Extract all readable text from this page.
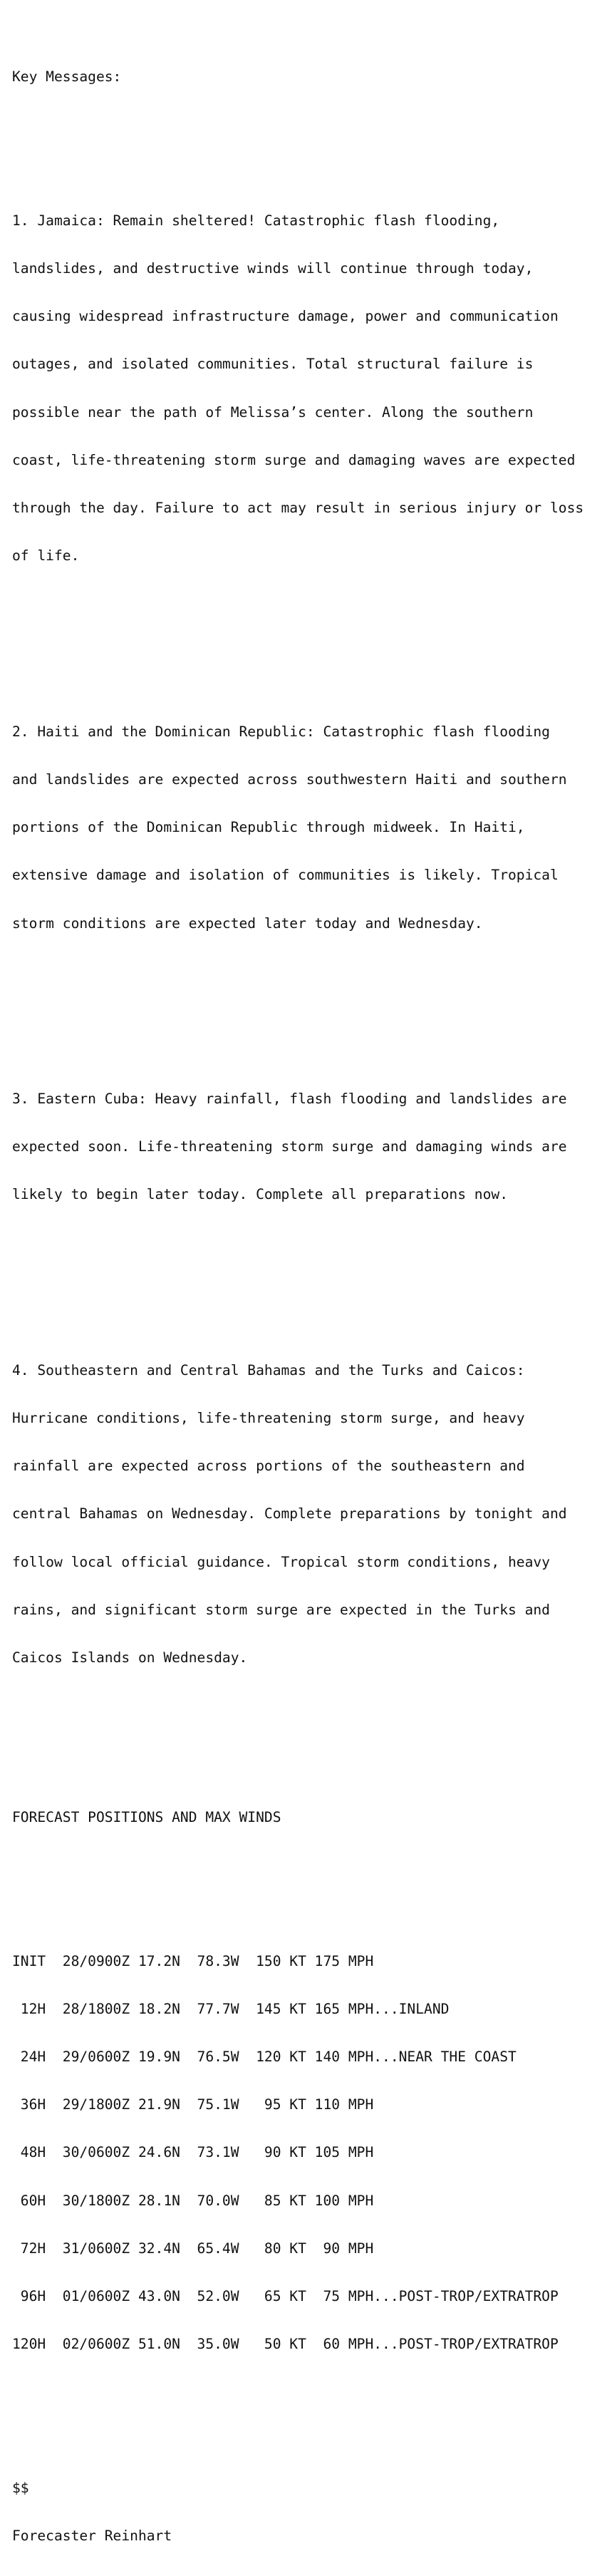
Key Messages:

1. Jamaica: Remain sheltered! Catastrophic flash flooding,

landslides, and destructive winds will continue through today,

causing widespread infrastructure damage, power and communication

outages, and isolated communities. Total structural failure is

possible near the path of Melissa’s center. Along the southern

coast, life-threatening storm surge and damaging waves are expected

through the day. Failure to act may result in serious injury or loss

of life.

2. Haiti and the Dominican Republic: Catastrophic flash flooding

and landslides are expected across southwestern Haiti and southern

portions of the Dominican Republic through midweek. In Haiti,

extensive damage and isolation of communities is likely. Tropical

storm conditions are expected later today and Wednesday.

3. Eastern Cuba: Heavy rainfall, flash flooding and landslides are

expected soon. Life-threatening storm surge and damaging winds are

likely to begin later today. Complete all preparations now.

4. Southeastern and Central Bahamas and the Turks and Caicos:

Hurricane conditions, life-threatening storm surge, and heavy

rainfall are expected across portions of the southeastern and

central Bahamas on Wednesday. Complete preparations by tonight and

follow local official guidance. Tropical storm conditions, heavy

rains, and significant storm surge are expected in the Turks and

Caicos Islands on Wednesday.

FORECAST POSITIONS AND MAX WINDS

INIT  28/0900Z 17.2N  78.3W  150 KT 175 MPH

12H  28/1800Z 18.2N  77.7W  145 KT 165 MPH...INLAND

24H  29/0600Z 19.9N  76.5W  120 KT 140 MPH...NEAR THE COAST

36H  29/1800Z 21.9N  75.1W   95 KT 110 MPH

48H  30/0600Z 24.6N  73.1W   90 KT 105 MPH

60H  30/1800Z 28.1N  70.0W   85 KT 100 MPH

72H  31/0600Z 32.4N  65.4W   80 KT  90 MPH

96H  01/0600Z 43.0N  52.0W   65 KT  75 MPH...POST-TROP/EXTRATROP

120H  02/0600Z 51.0N  35.0W   50 KT  60 MPH...POST-TROP/EXTRATROP

$$

Forecaster Reinhart
